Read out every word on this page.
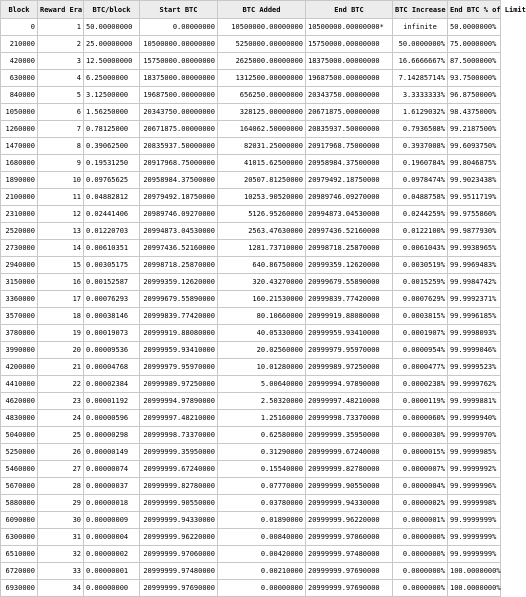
Block	Reward Era	BTC/block	Start BTC	BTC Added	End BTC	BTC Increase	End BTC % of Limit
0	1	50.00000000	0.00000000	10500000.00000000	10500000.00000000*	infinite	50.0000000%
210000	2	25.00000000	10500000.00000000	5250000.00000000	15750000.00000000	50.0000000%	75.0000000%
420000	3	12.50000000	15750000.00000000	2625000.00000000	18375000.00000000	16.6666667%	87.5000000%
630000	4	6.25000000	18375000.00000000	1312500.00000000	19687500.00000000	7.14285714%	93.7500000%
840000	5	3.12500000	19687500.00000000	656250.00000000	20343750.00000000	3.3333333%	96.8750000%
1050000	6	1.56250000	20343750.00000000	328125.00000000	20671875.00000000	1.6129032%	98.4375000%
1260000	7	0.78125000	20671875.00000000	164062.50000000	20835937.50000000	0.7936508%	99.2187500%
1470000	8	0.39062500	20835937.50000000	82031.25000000	20917968.75000000	0.3937008%	99.6093750%
1680000	9	0.19531250	20917968.75000000	41015.62500000	20958984.37500000	0.1960784%	99.8046875%
1890000	10	0.09765625	20958984.37500000	20507.81250000	20979492.18750000	0.0978474%	99.9023438%
2100000	11	0.04882812	20979492.18750000	10253.90520000	20989746.09270000	0.0488758%	99.9511719%
2310000	12	0.02441406	20989746.09270000	5126.95260000	20994873.04530000	0.0244259%	99.9755860%
2520000	13	0.01220703	20994873.04530000	2563.47630000	20997436.52160000	0.0122100%	99.9877930%
2730000	14	0.00610351	20997436.52160000	1281.73710000	20998718.25870000	0.0061043%	99.9938965%
2940000	15	0.00305175	20998718.25870000	640.86750000	20999359.12620000	0.0030519%	99.9969483%
3150000	16	0.00152587	20999359.12620000	320.43270000	20999679.55890000	0.0015259%	99.9984742%
3360000	17	0.00076293	20999679.55890000	160.21530000	20999839.77420000	0.0007629%	99.9992371%
3570000	18	0.00038146	20999839.77420000	80.10660000	20999919.88080000	0.0003815%	99.9996185%
3780000	19	0.00019073	20999919.88080000	40.05330000	20999959.93410000	0.0001907%	99.9998093%
3990000	20	0.00009536	20999959.93410000	20.02560000	20999979.95970000	0.0000954%	99.9999046%
4200000	21	0.00004768	20999979.95970000	10.01280000	20999989.97250000	0.0000477%	99.9999523%
4410000	22	0.00002384	20999989.97250000	5.00640000	20999994.97890000	0.0000238%	99.9999762%
4620000	23	0.00001192	20999994.97890000	2.50320000	20999997.48210000	0.0000119%	99.9999881%
4830000	24	0.00000596	20999997.48210000	1.25160000	20999998.73370000	0.0000060%	99.9999940%
5040000	25	0.00000298	20999998.73370000	0.62580000	20999999.35950000	0.0000030%	99.9999970%
5250000	26	0.00000149	20999999.35950000	0.31290000	20999999.67240000	0.0000015%	99.9999985%
5460000	27	0.00000074	20999999.67240000	0.15540000	20999999.82780000	0.0000007%	99.9999992%
5670000	28	0.00000037	20999999.82780000	0.07770000	20999999.90550000	0.0000004%	99.9999996%
5880000	29	0.00000018	20999999.90550000	0.03780000	20999999.94330000	0.0000002%	99.9999998%
6090000	30	0.00000009	20999999.94330000	0.01890000	20999999.96220000	0.0000001%	99.9999999%
6300000	31	0.00000004	20999999.96220000	0.00840000	20999999.97060000	0.0000000%	99.9999999%
6510000	32	0.00000002	20999999.97060000	0.00420000	20999999.97480000	0.0000000%	99.9999999%
6720000	33	0.00000001	20999999.97480000	0.00210000	20999999.97690000	0.0000000%	100.0000000%
6930000	34	0.00000000	20999999.97690000	0.00000000	20999999.97690000	0.0000000%	100.0000000%
